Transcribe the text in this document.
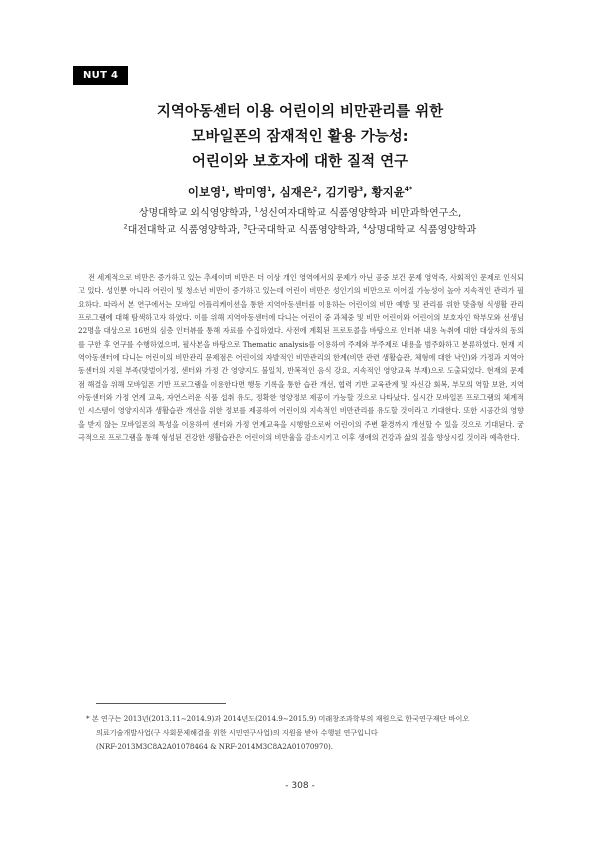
NUT 4
지역아동센터 이용 어린이의 비만관리를 위한
모바일폰의 잠재적인 활용 가능성:
어린이와 보호자에 대한 질적 연구
이보영$^1$, 박미영$^1$, 심재은$^2$, 김기랑$^3$, 황지윤$^{4*}$
상명대학교 외식영양학과, $^1$성신여자대학교 식품영양학과 비만과학연구소,
$^2$대전대학교 식품영양학과, $^3$단국대학교 식품영양학과, $^4$상명대학교 식품영양학과
전 세계적으로 비만은 증가하고 있는 추세이며 비만은 더 이상 개인 영역에서의 문제가 아닌 공중 보건 문제 영역즉, 사회적인 문제로 인식되고 있다. 성인뿐 아니라 어린이 및 청소년 비만이 증가하고 있는데 어린이 비만은 성인기의 비만으로 이어질 가능성이 높아 지속적인 관리가 필요하다. 따라서 본 연구에서는 모바일 어플리케이션을 통한 지역아동센터를 이용하는 어린이의 비만 예방 및 관리를 위한 맞춤형 식생활 관리 프로그램에 대해 탐색하고자 하였다. 이를 위해 지역아동센터에 다니는 어린이 중 과체중 및 비만 어린이와 어린이의 보호자인 학부모와 선생님 22명을 대상으로 16번의 심층 인터뷰를 통해 자료를 수집하였다. 사전에 계획된 프로토콜을 바탕으로 인터뷰 내용 녹취에 대한 대상자의 동의를 구한 후 연구를 수행하였으며, 필사본을 바탕으로 Thematic analysis를 이용하여 주제와 부주제로 내용을 범주화하고 분류하였다. 현재 지역아동센터에 다니는 어린이의 비만관리 문제점은 어린이의 자발적인 비만관리의 한계(비만 관련 생활습관, 체형에 대한 낙인)와 가정과 지역아동센터의 지원 부족(맞벌이가정, 센터와 가정 간 영양지도 불일치, 반복적인 음식 강요, 지속적인 영양교육 부재)으로 도출되었다. 현재의 문제점 해결을 위해 모바일폰 기반 프로그램을 이용한다면 행동 기록을 통한 습관 개선, 협력 기반 교육관계 및 자신감 회복, 부모의 역할 보완, 지역아동센터와 가정 연계 교육, 자연스러운 식품 섭취 유도, 정확한 영양정보 제공이 가능할 것으로 나타났다. 실시간 모바일폰 프로그램의 체계적인 시스템이 영양지식과 생활습관 개선을 위한 정보를 제공하여 어린이의 지속적인 비만관리를 유도할 것이라고 기대한다. 또한 시공간의 영향을 받지 않는 모바일폰의 특성을 이용하여 센터와 가정 연계교육을 시행함으로써 어린이의 주변 환경까지 개선할 수 있을 것으로 기대된다. 궁극적으로 프로그램을 통해 형성된 건강한 생활습관은 어린이의 비만율을 감소시키고 이후 생애의 건강과 삶의 질을 향상시킬 것이라 예측한다.
* 본 연구는 2013년(2013.11∼2014.9)과 2014년도(2014.9∼2015.9) 미래창조과학부의 재원으로 한국연구재단 바이오
의료기술개발사업(구 사회문제해결을 위한 시민연구사업)의 지원을 받아 수행된 연구입니다
(NRF-2013M3C8A2A01078464 & NRF-2014M3C8A2A01070970).
- 308 -
